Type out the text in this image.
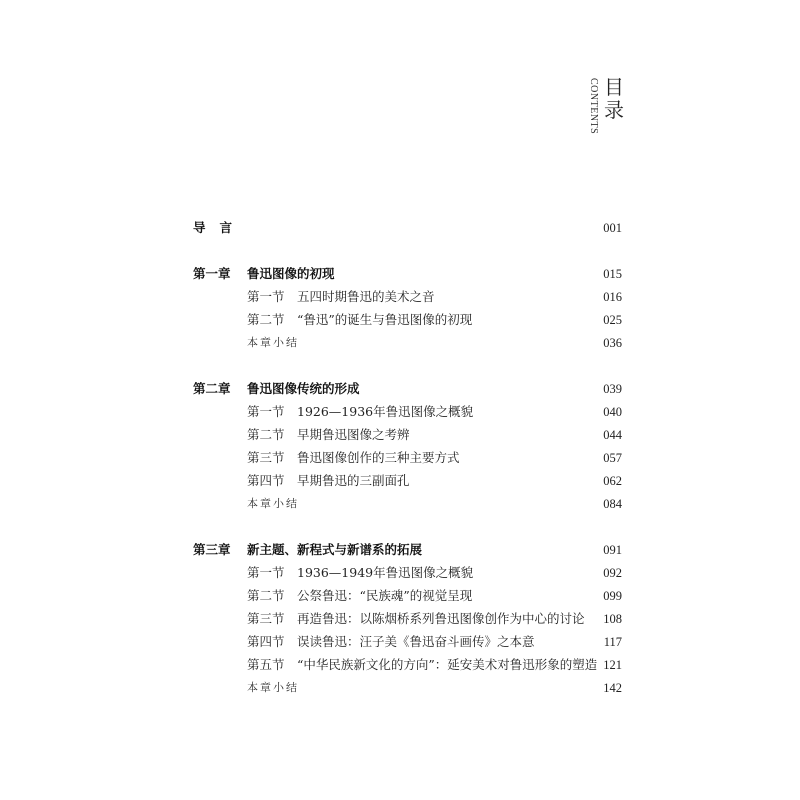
CONTENTS 目
录
导言	001
第一章 鲁迅图像的初现	015
第一节 五四时期鲁迅的美术之音	016
第二节 “鲁迅”的诞生与鲁迅图像的初现	025
本章小结	036
第二章 鲁迅图像传统的形成	039
第一节 1926—1936年鲁迅图像之概貌	040
第二节 早期鲁迅图像之考辨	044
第三节 鲁迅图像创作的三种主要方式	057
第四节 早期鲁迅的三副面孔	062
本章小结	084
第三章 新主题、新程式与新谱系的拓展	091
第一节 1936—1949年鲁迅图像之概貌	092
第二节 公祭鲁迅：“民族魂”的视觉呈现	099
第三节 再造鲁迅：以陈烟桥系列鲁迅图像创作为中心的讨论	108
第四节 误读鲁迅：汪子美《鲁迅奋斗画传》之本意	117
第五节 “中华民族新文化的方向”：延安美术对鲁迅形象的塑造 121
本章小结	142
